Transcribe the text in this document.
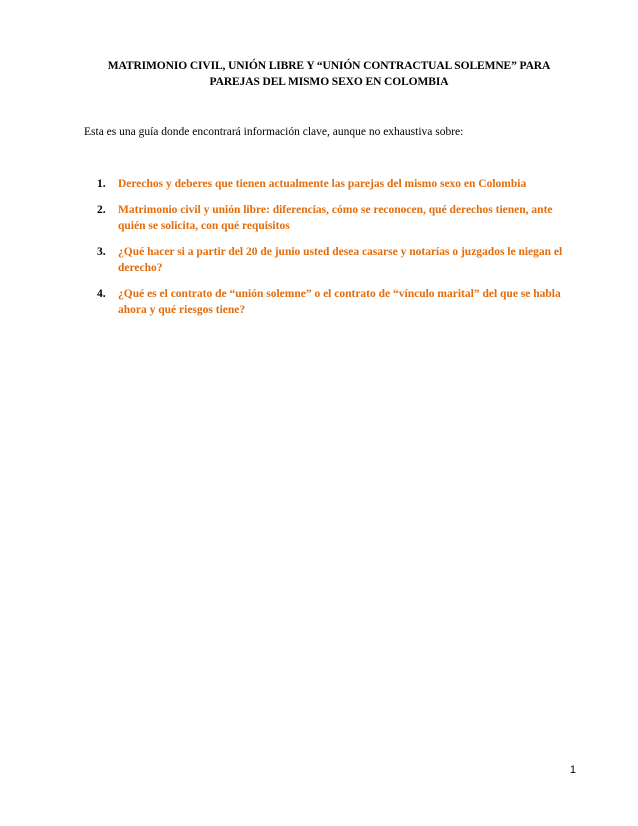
MATRIMONIO CIVIL, UNIÓN LIBRE Y “UNIÓN CONTRACTUAL SOLEMNE” PARA
PAREJAS DEL MISMO SEXO EN COLOMBIA
Esta es una guía donde encontrará información clave, aunque no exhaustiva sobre:
1. Derechos y deberes que tienen actualmente las parejas del mismo sexo en Colombia
2. Matrimonio civil y unión libre: diferencias, cómo se reconocen, qué derechos tienen, ante quién se solicita, con qué requisitos
3. ¿Qué hacer si a partir del 20 de junio usted desea casarse y notarías o juzgados le niegan el derecho?
4. ¿Qué es el contrato de “unión solemne” o el contrato de “vínculo marital” del que se habla ahora y qué riesgos tiene?
1
